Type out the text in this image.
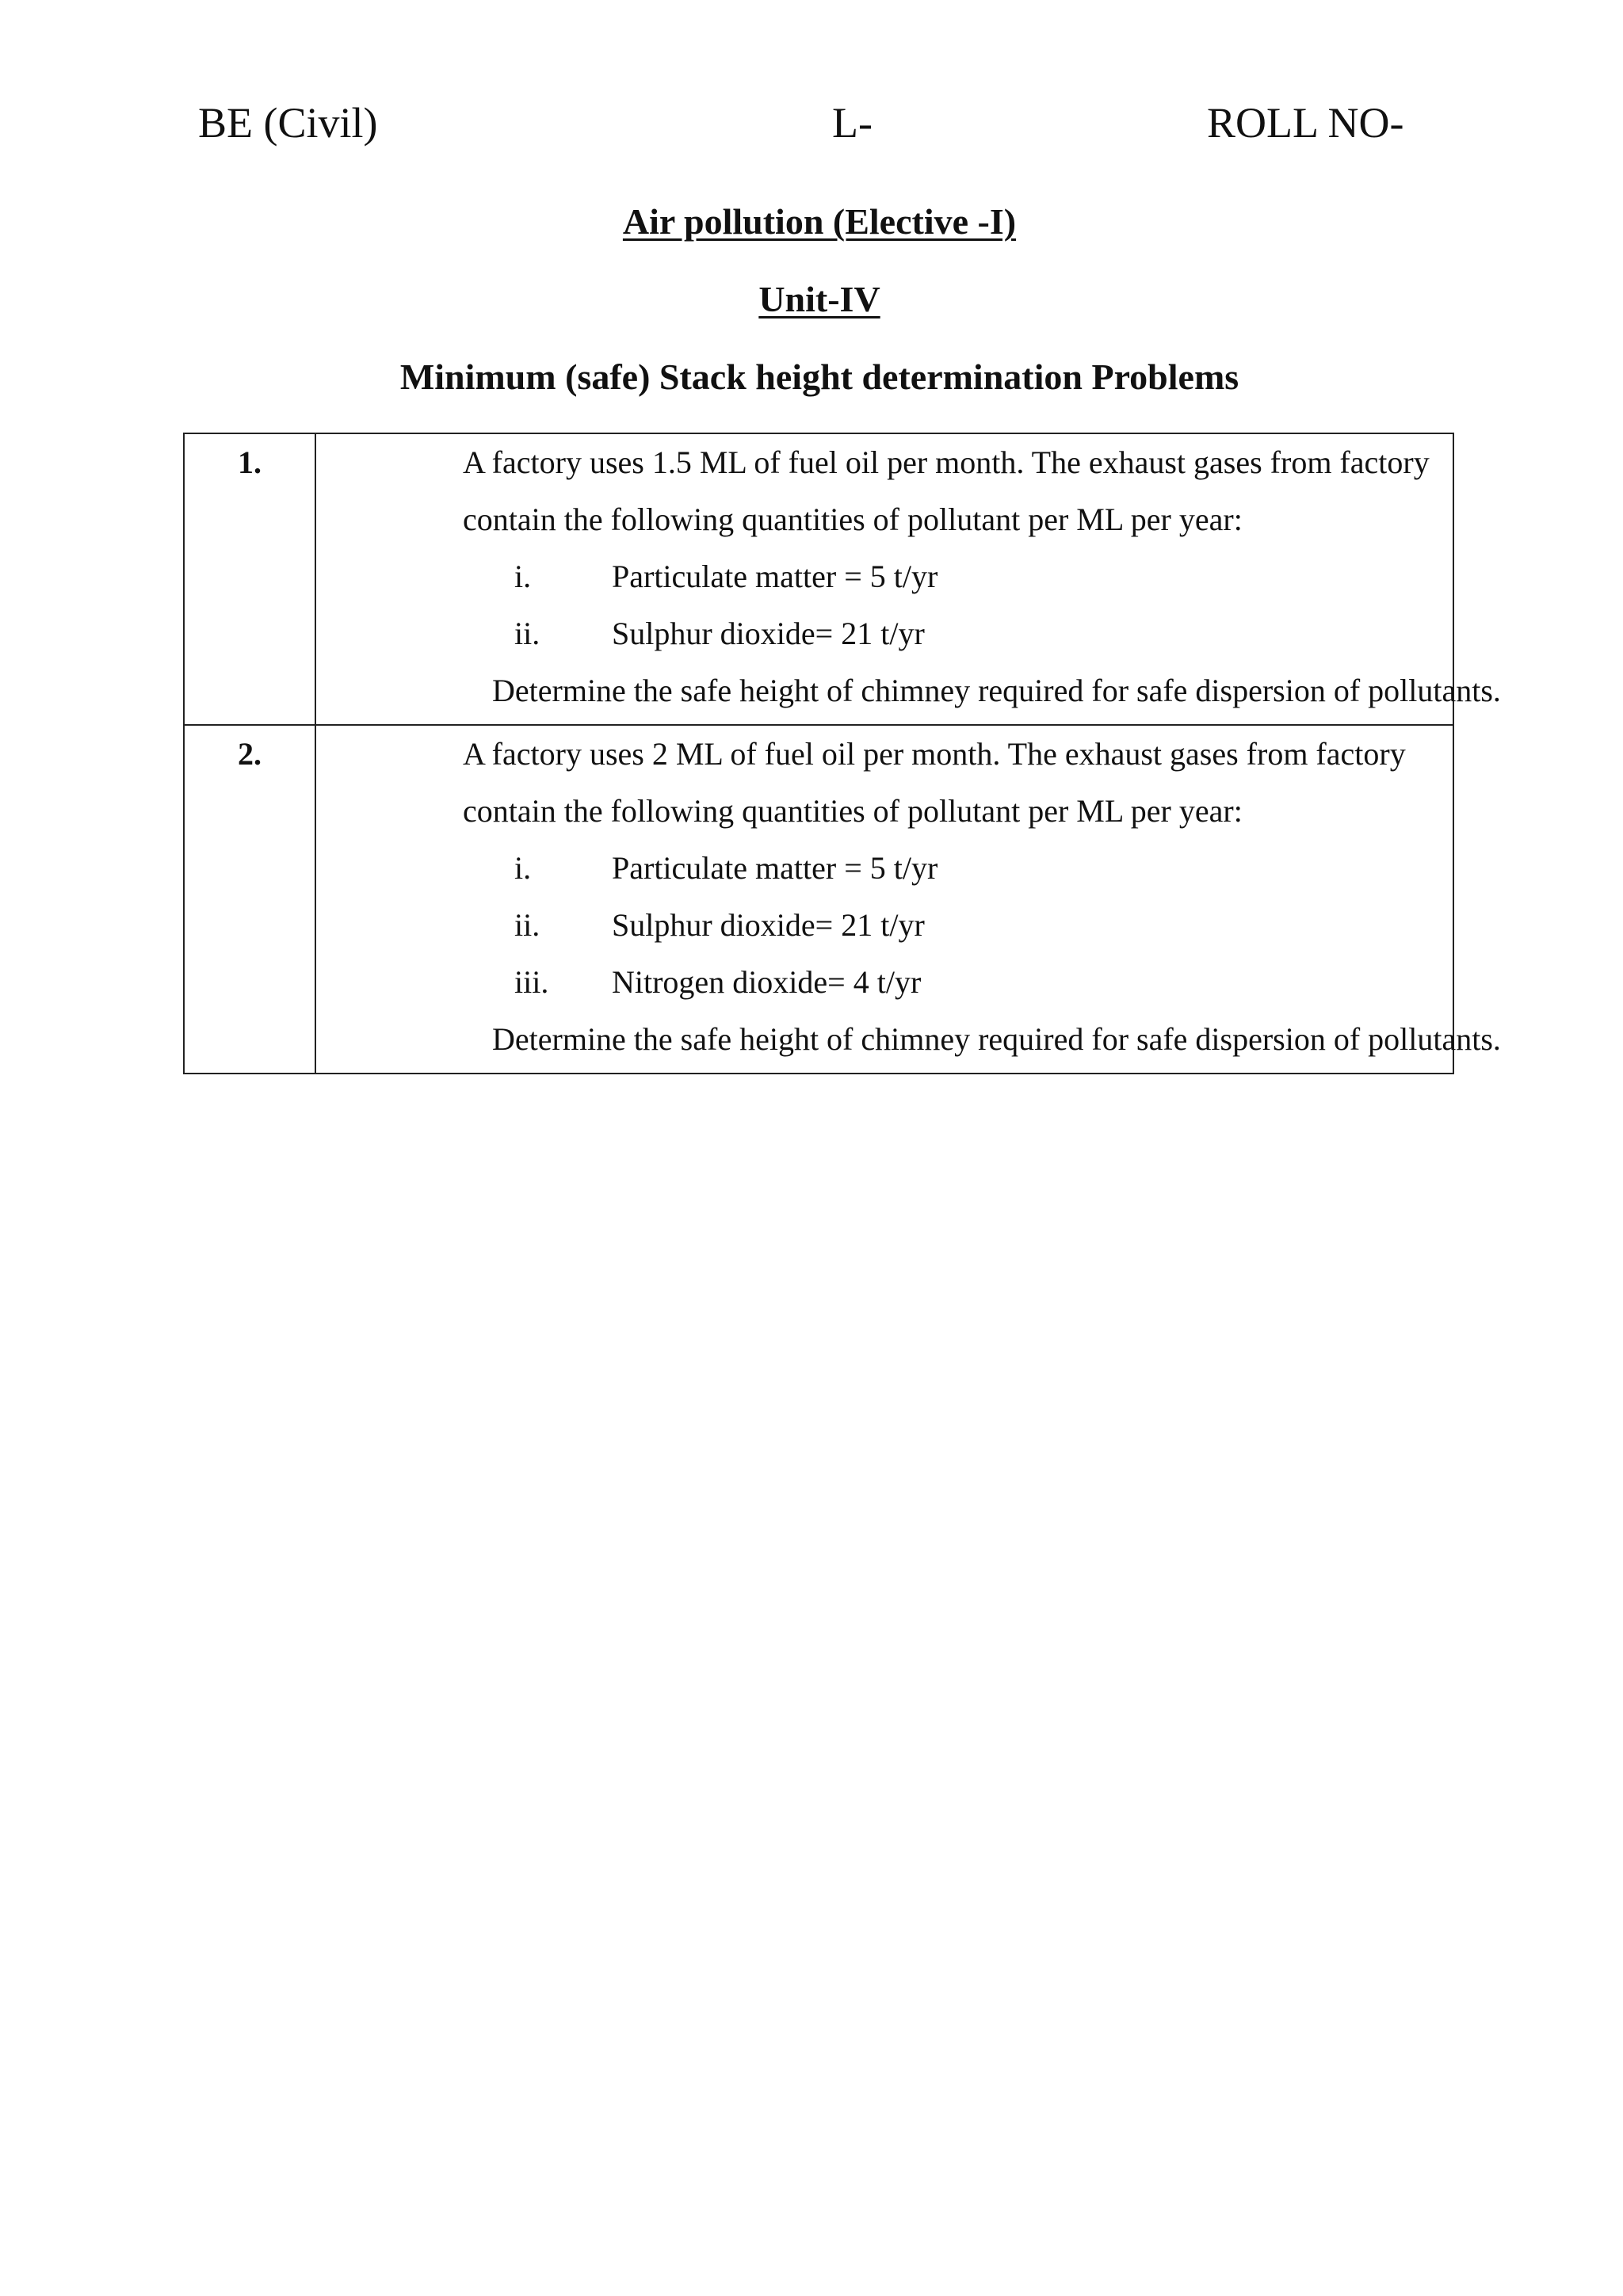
BE (Civil)	L-	ROLL NO-
Air pollution (Elective -I)
Unit-IV
Minimum (safe) Stack height determination Problems
1.	A factory uses 1.5 ML of fuel oil per month. The exhaust gases from factory contain the following quantities of pollutant per ML per year:
i. Particulate matter = 5 t/yr
ii. Sulphur dioxide= 21 t/yr
Determine the safe height of chimney required for safe dispersion of pollutants.

2.	A factory uses 2 ML of fuel oil per month. The exhaust gases from factory contain the following quantities of pollutant per ML per year:
i. Particulate matter = 5 t/yr
ii. Sulphur dioxide= 21 t/yr
iii. Nitrogen dioxide= 4 t/yr
Determine the safe height of chimney required for safe dispersion of pollutants.
